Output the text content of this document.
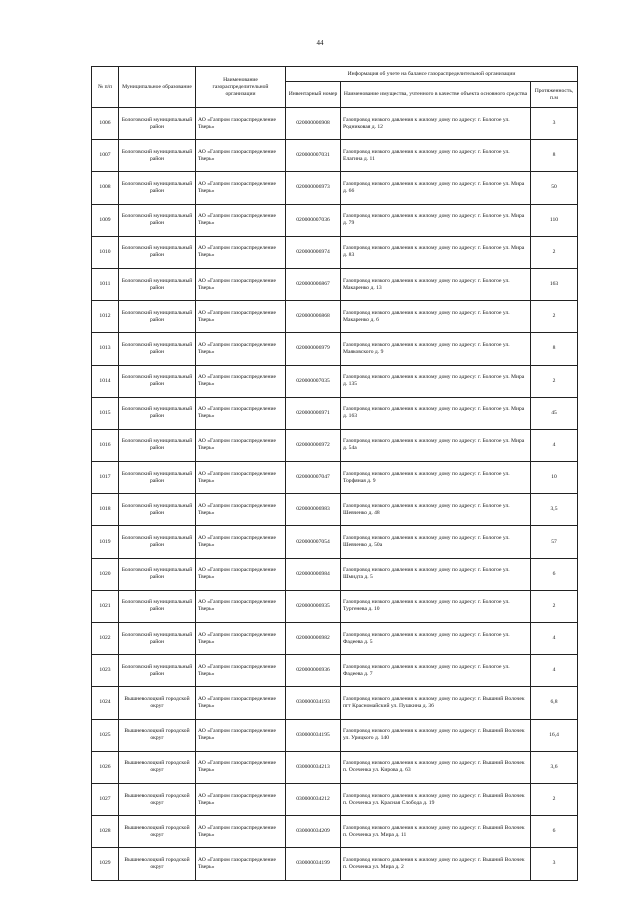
44
№ п/п	Муниципальное образование	Наименование газораспределительной организации	Информация об учете на балансе газораспределительной организации		
			Инвентарный номер	Наименование имущества, учтенного в качестве объекта основного средства	Протяженность, п.м
1006	Бологовский муниципальный район	АО «Газпром газораспределение Тверь»	020000006908	Газопровод низкого давления к жилому дому по адресу: г. Бологое ул. Родниковая д. 12	3
1007	Бологовский муниципальный район	АО «Газпром газораспределение Тверь»	020000007031	Газопровод низкого давления к жилому дому по адресу: г. Бологое ул. Елагина д. 11	8
1008	Бологовский муниципальный район	АО «Газпром газораспределение Тверь»	020000006973	Газопровод низкого давления к жилому дому по адресу: г. Бологое ул. Мира д. 66	50
1009	Бологовский муниципальный район	АО «Газпром газораспределение Тверь»	020000007036	Газопровод низкого давления к жилому дому по адресу: г. Бологое ул. Мира д. 79	110
1010	Бологовский муниципальный район	АО «Газпром газораспределение Тверь»	020000006974	Газопровод низкого давления к жилому дому по адресу: г. Бологое ул. Мира д. 83	2
1011	Бологовский муниципальный район	АО «Газпром газораспределение Тверь»	020000006867	Газопровод низкого давления к жилому дому по адресу: г. Бологое ул. Макаренко д. 13	163
1012	Бологовский муниципальный район	АО «Газпром газораспределение Тверь»	020000006868	Газопровод низкого давления к жилому дому по адресу: г. Бологое ул. Макаренко д. 6	2
1013	Бологовский муниципальный район	АО «Газпром газораспределение Тверь»	020000006979	Газопровод низкого давления к жилому дому по адресу: г. Бологое ул. Маяковского д. 9	8
1014	Бологовский муниципальный район	АО «Газпром газораспределение Тверь»	020000007035	Газопровод низкого давления к жилому дому по адресу: г. Бологое ул. Мира д. 135	2
1015	Бологовский муниципальный район	АО «Газпром газораспределение Тверь»	020000006971	Газопровод низкого давления к жилому дому по адресу: г. Бологое ул. Мира д. 163	45
1016	Бологовский муниципальный район	АО «Газпром газораспределение Тверь»	020000006972	Газопровод низкого давления к жилому дому по адресу: г. Бологое ул. Мира д. 54а	4
1017	Бологовский муниципальный район	АО «Газпром газораспределение Тверь»	020000007047	Газопровод низкого давления к жилому дому по адресу: г. Бологое ул. Торфяная д. 9	10
1018	Бологовский муниципальный район	АО «Газпром газораспределение Тверь»	020000006983	Газопровод низкого давления к жилому дому по адресу: г. Бологое ул. Шевченко д. 48	3,5
1019	Бологовский муниципальный район	АО «Газпром газораспределение Тверь»	020000007054	Газопровод низкого давления к жилому дому по адресу: г. Бологое ул. Шевченко д. 50а	57
1020	Бологовский муниципальный район	АО «Газпром газораспределение Тверь»	020000006984	Газопровод низкого давления к жилому дому по адресу: г. Бологое ул. Шмидта д. 5	6
1021	Бологовский муниципальный район	АО «Газпром газораспределение Тверь»	020000006935	Газопровод низкого давления к жилому дому по адресу: г. Бологое ул. Тургенева д. 10	2
1022	Бологовский муниципальный район	АО «Газпром газораспределение Тверь»	020000006982	Газопровод низкого давления к жилому дому по адресу: г. Бологое ул. Фадеева д. 5	4
1023	Бологовский муниципальный район	АО «Газпром газораспределение Тверь»	020000006936	Газопровод низкого давления к жилому дому по адресу: г. Бологое ул. Фадеева д. 7	4
1024	Вышневолоцкий городской округ	АО «Газпром газораспределение Тверь»	030000034193	Газопровод низкого давления к жилому дому по адресу: г. Вышний Волочек пгт Красномайский ул. Пушкина д. 36	6,8
1025	Вышневолоцкий городской округ	АО «Газпром газораспределение Тверь»	030000034195	Газопровод низкого давления к жилому дому по адресу: г. Вышний Волочек ул. Урицкого д. 140	16,4
1026	Вышневолоцкий городской округ	АО «Газпром газораспределение Тверь»	030000034213	Газопровод низкого давления к жилому дому по адресу: г. Вышний Волочек п. Осеченка ул. Кирова д. 63	3,6
1027	Вышневолоцкий городской округ	АО «Газпром газораспределение Тверь»	030000034212	Газопровод низкого давления к жилому дому по адресу: г. Вышний Волочек п. Осеченка ул. Красная Слобода д. 19	2
1028	Вышневолоцкий городской округ	АО «Газпром газораспределение Тверь»	030000034209	Газопровод низкого давления к жилому дому по адресу: г. Вышний Волочек п. Осеченка ул. Мира д. 11	6
1029	Вышневолоцкий городской округ	АО «Газпром газораспределение Тверь»	030000034199	Газопровод низкого давления к жилому дому по адресу: г. Вышний Волочек п. Осеченка ул. Мира д. 2	3
